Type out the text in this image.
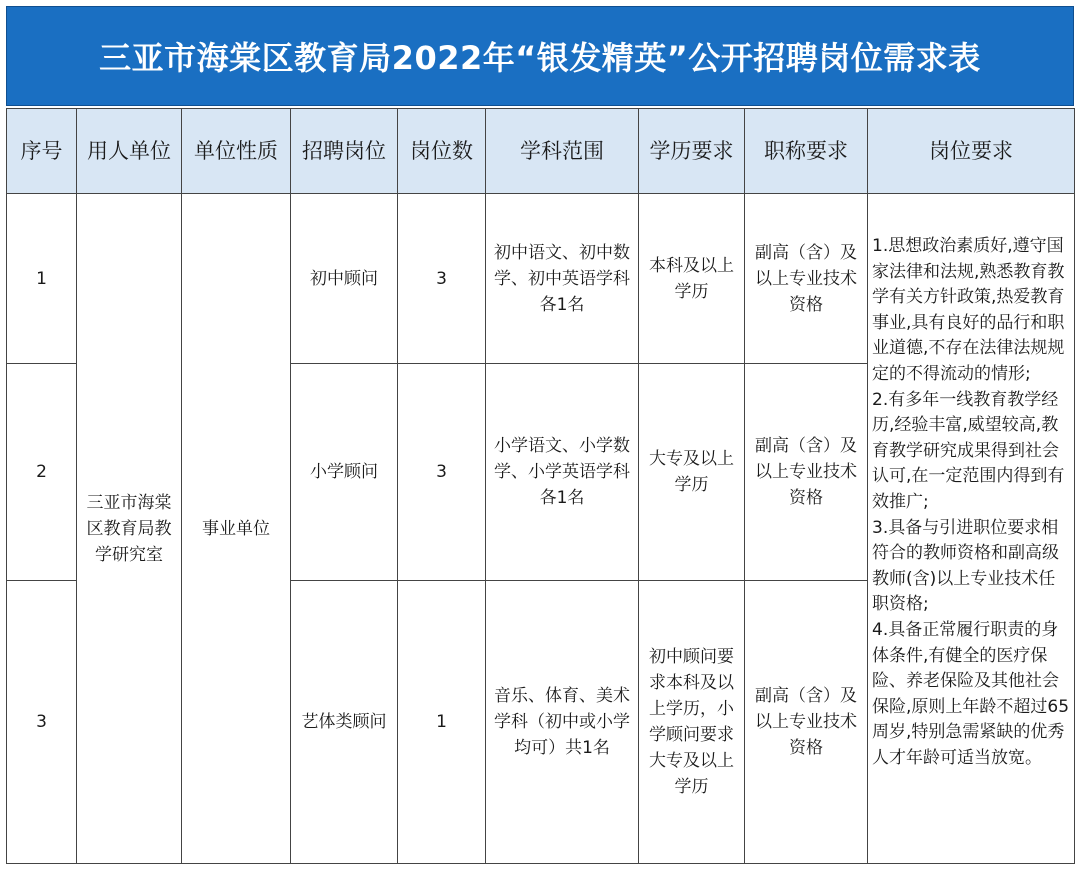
三亚市海棠区教育局2022年“银发精英”公开招聘岗位需求表
序号	用人单位	单位性质	招聘岗位	岗位数	学科范围	学历要求	职称要求	岗位要求
1	三亚市海棠区教育局教学研究室	事业单位	初中顾问	3	初中语文、初中数学、初中英语学科各1名	本科及以上学历	副高（含）及以上专业技术资格	1.思想政治素质好,遵守国家法律和法规,熟悉教育教学有关方针政策,热爱教育事业,具有良好的品行和职业道德,不存在法律法规规定的不得流动的情形;
2.有多年一线教育教学经历,经验丰富,威望较高,教育教学研究成果得到社会认可,在一定范围内得到有效推广;
3.具备与引进职位要求相符合的教师资格和副高级教师(含)以上专业技术任职资格;
4.具备正常履行职责的身体条件,有健全的医疗保险、养老保险及其他社会保险,原则上年龄不超过65周岁,特别急需紧缺的优秀人才年龄可适当放宽。

2			小学顾问	3	小学语文、小学数学、小学英语学科各1名	大专及以上学历	副高（含）及以上专业技术资格	
3			艺体类顾问	1	音乐、体育、美术学科（初中或小学均可）共1名	初中顾问要求本科及以上学历，小学顾问要求大专及以上学历	副高（含）及以上专业技术资格	
